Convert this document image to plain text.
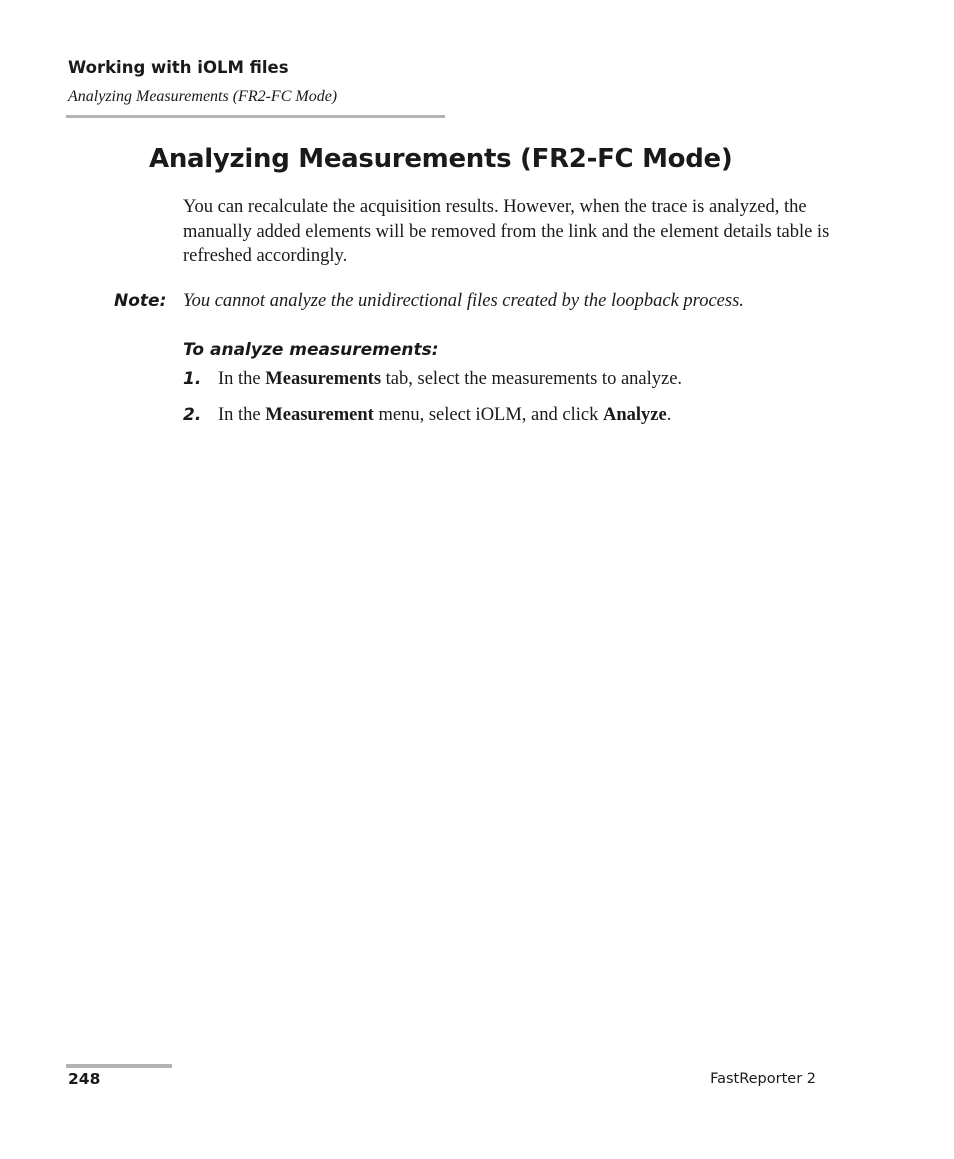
Working with iOLM files
Analyzing Measurements (FR2-FC Mode)
Analyzing Measurements (FR2-FC Mode)

You can recalculate the acquisition results. However, when the trace is analyzed, the manually added elements will be removed from the link and the element details table is refreshed accordingly.

Note: You cannot analyze the unidirectional files created by the loopback process.
To analyze measurements:
1. In the Measurements tab, select the measurements to analyze.
2. In the Measurement menu, select iOLM, and click Analyze.
248	FastReporter 2
